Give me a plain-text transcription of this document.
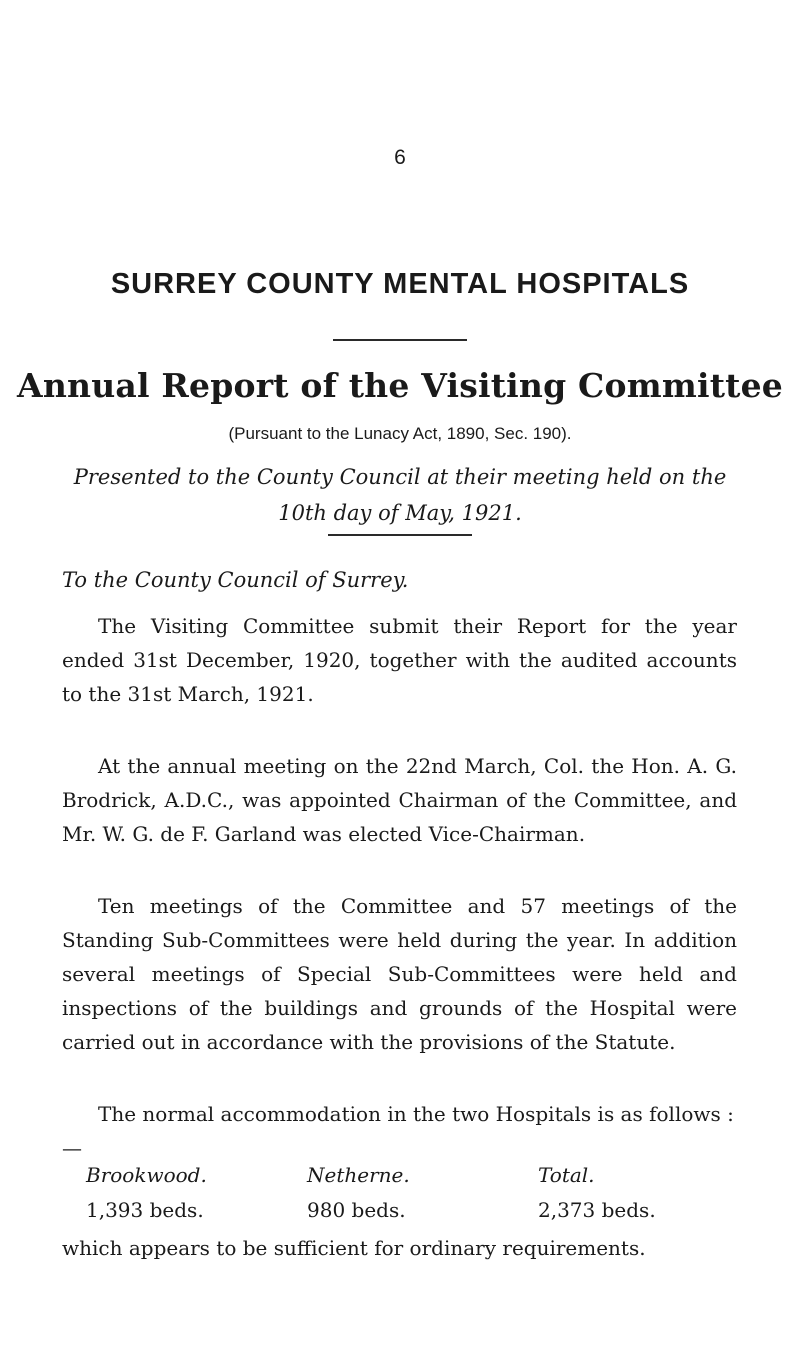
6
SURREY COUNTY MENTAL HOSPITALS
Annual Report of the Visiting Committee
(Pursuant to the Lunacy Act, 1890, Sec. 190).
Presented to the County Council at their meeting held on the 10th day of May, 1921.
To the County Council of Surrey.

The Visiting Committee submit their Report for the year ended 31st December, 1920, together with the audited accounts to the 31st March, 1921.

At the annual meeting on the 22nd March, Col. the Hon. A. G. Brodrick, A.D.C., was appointed Chairman of the Committee, and Mr. W. G. de F. Garland was elected Vice-Chairman.

Ten meetings of the Committee and 57 meetings of the Standing Sub-Committees were held during the year. In addition several meetings of Special Sub-Committees were held and inspections of the buildings and grounds of the Hospital were carried out in accordance with the provisions of the Statute.

The normal accommodation in the two Hospitals is as follows : —

Brookwood.	Netherne.	Total.
1,393 beds.	980 beds.	2,373 beds.
which appears to be sufficient for ordinary requirements.
